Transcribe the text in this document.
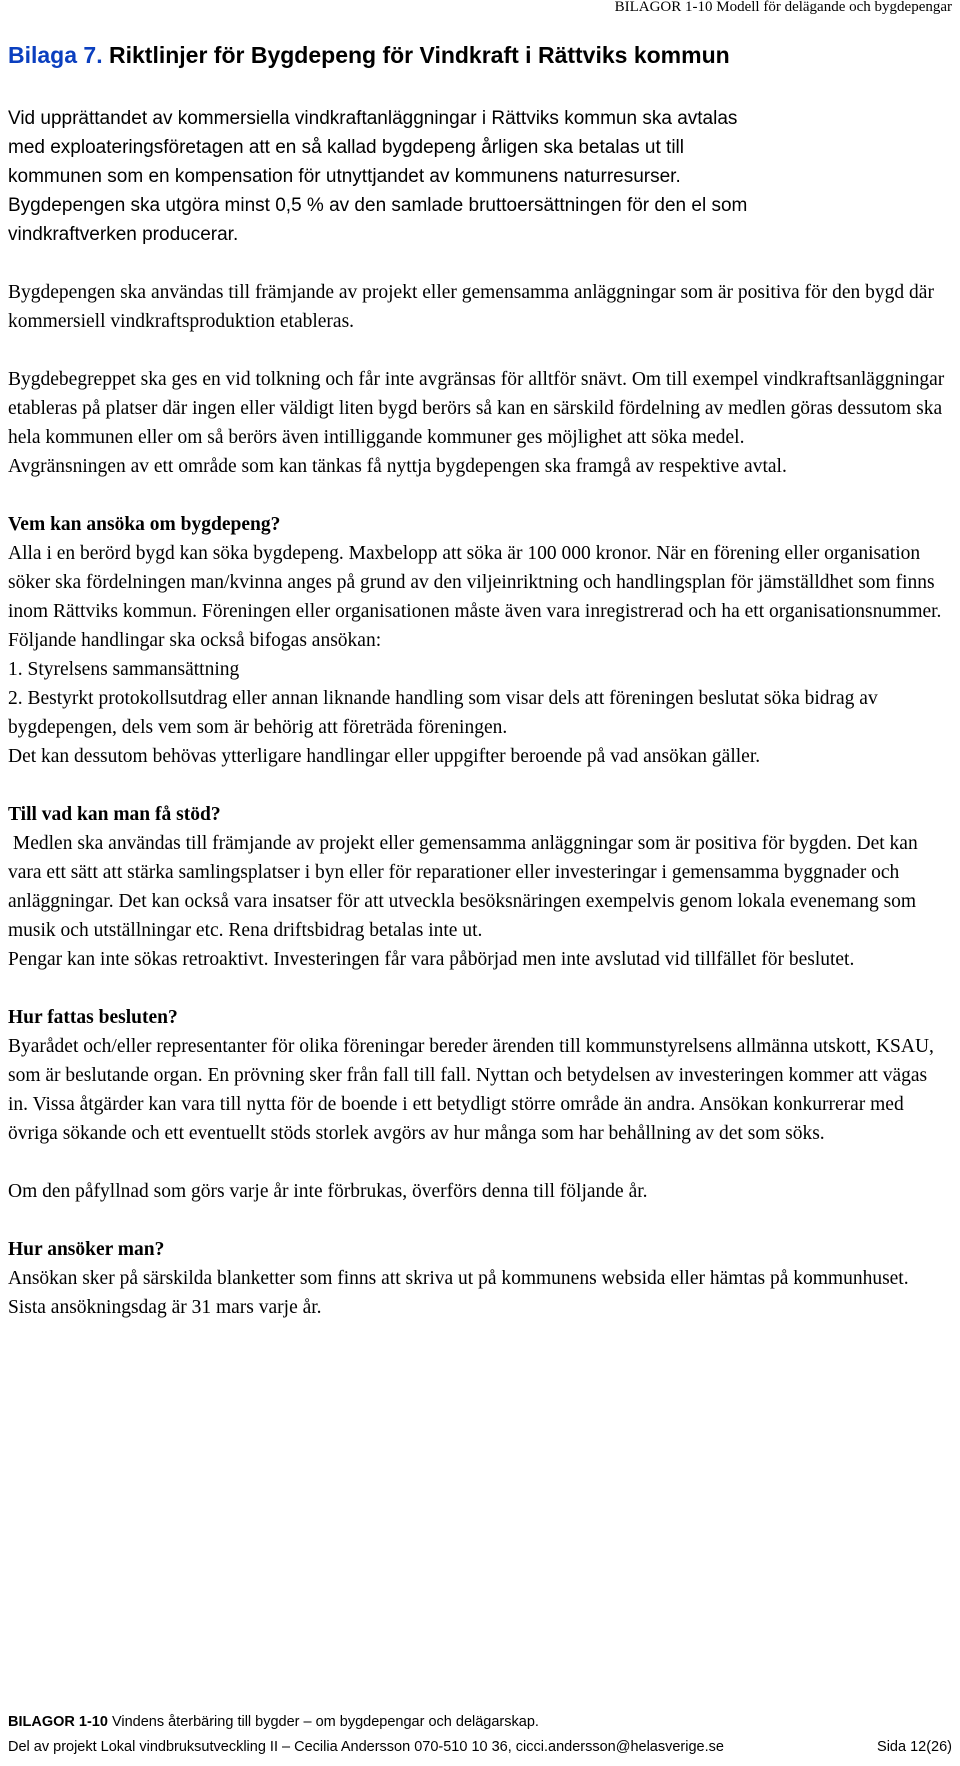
BILAGOR 1-10 Modell för delägande och bygdepengar
Bilaga 7. Riktlinjer för Bygdepeng för Vindkraft i Rättviks kommun
Vid upprättandet av kommersiella vindkraftanläggningar i Rättviks kommun ska avtalas
med exploateringsföretagen att en så kallad bygdepeng årligen ska betalas ut till
kommunen som en kompensation för utnyttjandet av kommunens naturresurser.
Bygdepengen ska utgöra minst 0,5 % av den samlade bruttoersättningen för den el som
vindkraftverken producerar.

Bygdepengen ska användas till främjande av projekt eller gemensamma anläggningar som är positiva för den bygd där kommersiell vindkraftsproduktion etableras.

Bygdebegreppet ska ges en vid tolkning och får inte avgränsas för alltför snävt. Om till exempel vindkraftsanläggningar etableras på platser där ingen eller väldigt liten bygd berörs så kan en särskild fördelning av medlen göras dessutom ska hela kommunen eller om så berörs även intilliggande kommuner ges möjlighet att söka medel.

Avgränsningen av ett område som kan tänkas få nyttja bygdepengen ska framgå av respektive avtal.

Vem kan ansöka om bygdepeng?

Alla i en berörd bygd kan söka bygdepeng. Maxbelopp att söka är 100 000 kronor. När en förening eller organisation söker ska fördelningen man/kvinna anges på grund av den viljeinriktning och handlingsplan för jämställdhet som finns inom Rättviks kommun. Föreningen eller organisationen måste även vara inregistrerad och ha ett organisationsnummer. Följande handlingar ska också bifogas ansökan:

1. Styrelsens sammansättning

2. Bestyrkt protokollsutdrag eller annan liknande handling som visar dels att föreningen beslutat söka bidrag av bygdepengen, dels vem som är behörig att företräda föreningen.

Det kan dessutom behövas ytterligare handlingar eller uppgifter beroende på vad ansökan gäller.

Till vad kan man få stöd?

Medlen ska användas till främjande av projekt eller gemensamma anläggningar som är positiva för bygden. Det kan vara ett sätt att stärka samlingsplatser i byn eller för reparationer eller investeringar i gemensamma byggnader och anläggningar. Det kan också vara insatser för att utveckla besöksnäringen exempelvis genom lokala evenemang som musik och utställningar etc. Rena driftsbidrag betalas inte ut.

Pengar kan inte sökas retroaktivt. Investeringen får vara påbörjad men inte avslutad vid tillfället för beslutet.

Hur fattas besluten?

Byarådet och/eller representanter för olika föreningar bereder ärenden till kommunstyrelsens allmänna utskott, KSAU, som är beslutande organ. En prövning sker från fall till fall. Nyttan och betydelsen av investeringen kommer att vägas in. Vissa åtgärder kan vara till nytta för de boende i ett betydligt större område än andra. Ansökan konkurrerar med övriga sökande och ett eventuellt stöds storlek avgörs av hur många som har behållning av det som söks.

Om den påfyllnad som görs varje år inte förbrukas, överförs denna till följande år.

Hur ansöker man?

Ansökan sker på särskilda blanketter som finns att skriva ut på kommunens websida eller hämtas på kommunhuset. Sista ansökningsdag är 31 mars varje år.

BILAGOR 1-10 Vindens återbäring till bygder – om bygdepengar och delägarskap.
Del av projekt Lokal vindbruksutveckling II – Cecilia Andersson 070-510 10 36, cicci.andersson@helasverige.se	Sida 12(26)
